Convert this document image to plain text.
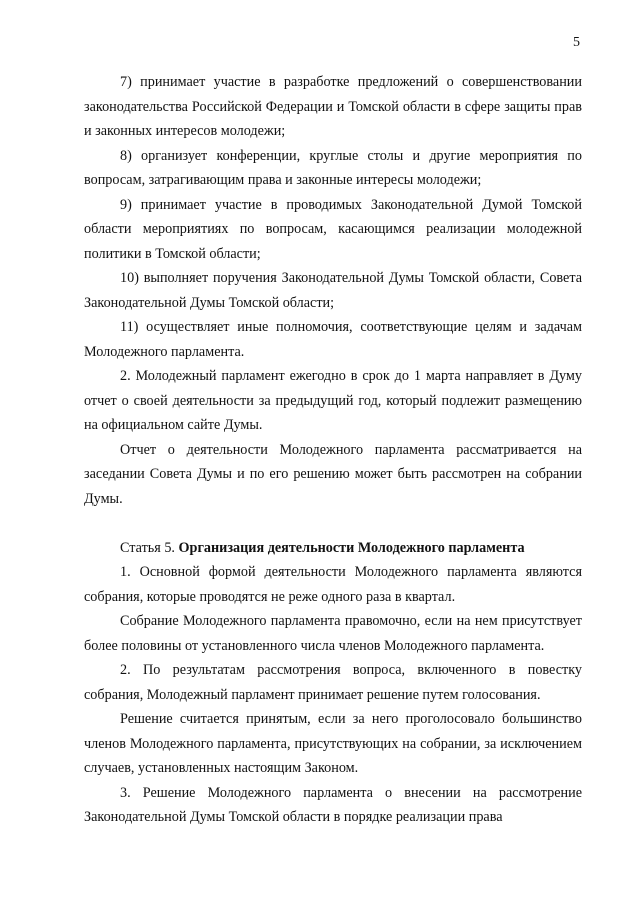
5

7) принимает участие в разработке предложений о совершенствовании законодательства Российской Федерации и Томской области в сфере защиты прав и законных интересов молодежи;

8) организует конференции, круглые столы и другие мероприятия по вопросам, затрагивающим права и законные интересы молодежи;

9) принимает участие в проводимых Законодательной Думой Томской области мероприятиях по вопросам, касающимся реализации молодежной политики в Томской области;

10) выполняет поручения Законодательной Думы Томской области, Совета Законодательной Думы Томской области;

11) осуществляет иные полномочия, соответствующие целям и задачам Молодежного парламента.

2. Молодежный парламент ежегодно в срок до 1 марта направляет в Думу отчет о своей деятельности за предыдущий год, который подлежит размещению на официальном сайте Думы.

Отчет о деятельности Молодежного парламента рассматривается на заседании Совета Думы и по его решению может быть рассмотрен на собрании Думы.

Статья 5. Организация деятельности Молодежного парламента

1. Основной формой деятельности Молодежного парламента являются собрания, которые проводятся не реже одного раза в квартал.

Собрание Молодежного парламента правомочно, если на нем присутствует более половины от установленного числа членов Молодежного парламента.

2. По результатам рассмотрения вопроса, включенного в повестку собрания, Молодежный парламент принимает решение путем голосования.

Решение считается принятым, если за него проголосовало большинство членов Молодежного парламента, присутствующих на собрании, за исключением случаев, установленных настоящим Законом.

3. Решение Молодежного парламента о внесении на рассмотрение Законодательной Думы Томской области в порядке реализации права
